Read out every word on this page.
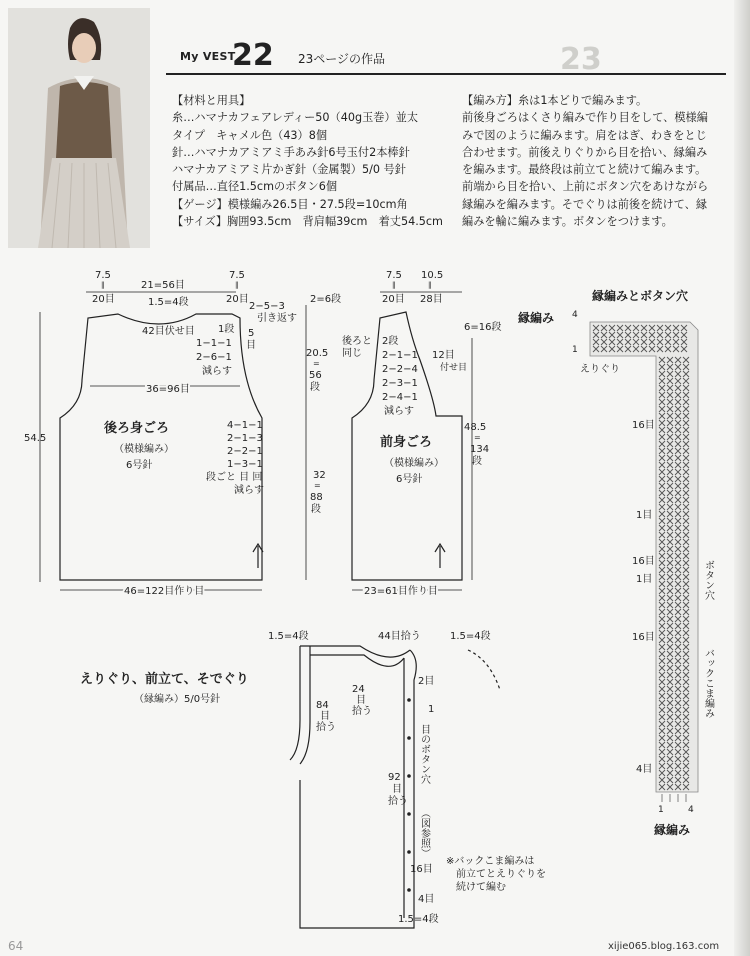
My VEST
22 23ページの作品	23
【材料と用具】
糸…ハマナカフェアレディー50（40g玉巻）並太
タイプ　キャメル色（43）8個
針…ハマナカアミアミ手あみ針6号玉付2本棒針
ハマナカアミアミ片かぎ針（金属製）5/0 号針
付属品…直径1.5cmのボタン6個
【ゲージ】模様編み26.5目・27.5段=10cm角
【サイズ】胸囲93.5cm　背肩幅39cm　着丈54.5cm
【編み方】糸は1本どりで編みます。
前後身ごろはくさり編みで作り目をして、模様編
みで図のように編みます。肩をはぎ、わきをとじ
合わせます。前後えりぐりから目を拾い、縁編み
を編みます。最終段は前立てと続けて編みます。
前端から目を拾い、上前にボタン穴をあけながら
縁編みを編みます。そでぐりは前後を続けて、縁
編みを輪に編みます。ボタンをつけます。
7.5
‖
20目
21=56目
7.5
‖
20目
1.5=4段	2−5−3
引き返す
5
目
42目伏せ目 1段
1−1−1
2−6−1
減らす
36=96目
54.5
後ろ身ごろ
（模様編み）
6号針
4−1−1
2−1−3
2−2−1
1−3−1
段ごと 目 回
減らす
2=6段
20.5
=
56
段
32
=
88
段
46=122目作り目
7.5
‖
20目
10.5
‖
28目
6=16段
後ろと
同じ
2段
2−1−1
2−2−4
2−3−1
2−4−1
減らす
12目
付せ目
48.5
=
134
段
前身ごろ
（模様編み）
6号針
23=61目作り目
えりぐり、前立て、そでぐり
（縁編み）5/0号針
1.5=4段	44目拾う	1.5=4段
84
目
拾う
24
目
拾う
2目
1
目のボタン穴
（図参照）
92
目
拾う
16目
4目
1.5=4段
※バックこま編みは
前立てとえりぐりを
続けて編む
縁編みとボタン穴
縁編み 4
1
えりぐり
16目
1目
16目
1目
16目
4目
ボタン穴
バックこま編み
1	4
縁編み
64	xijie065.blog.163.com
